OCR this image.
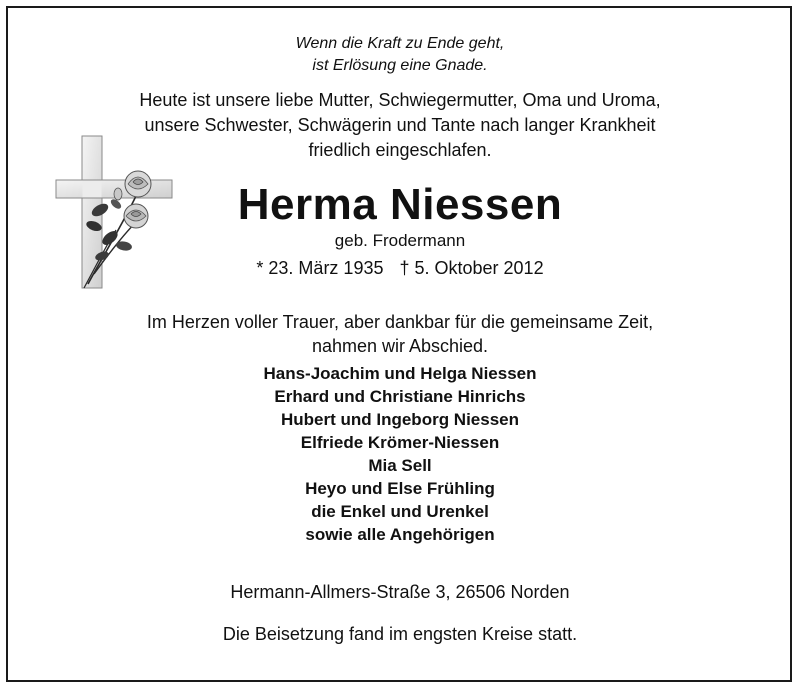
Wenn die Kraft zu Ende geht,
ist Erlösung eine Gnade.
Heute ist unsere liebe Mutter, Schwiegermutter, Oma und Uroma,
unsere Schwester, Schwägerin und Tante nach langer Krankheit
friedlich eingeschlafen.
Herma Niessen
geb. Frodermann
* 23. März 1935 † 5. Oktober 2012
Im Herzen voller Trauer, aber dankbar für die gemeinsame Zeit,
nahmen wir Abschied.
Hans-Joachim und Helga Niessen
Erhard und Christiane Hinrichs
Hubert und Ingeborg Niessen
Elfriede Krömer-Niessen
Mia Sell
Heyo und Else Frühling
die Enkel und Urenkel
sowie alle Angehörigen
Hermann-Allmers-Straße 3, 26506 Norden
Die Beisetzung fand im engsten Kreise statt.
